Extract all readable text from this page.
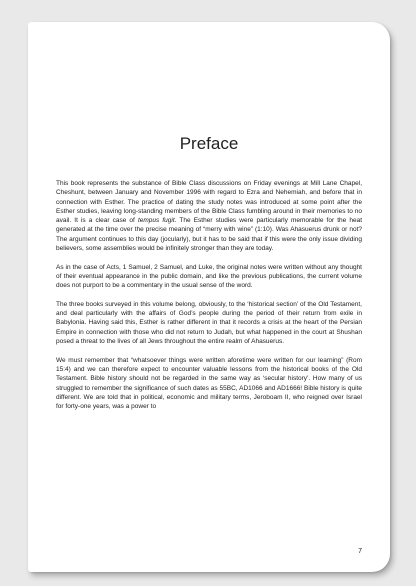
Preface

This book represents the substance of Bible Class discussions on Friday evenings at Mill Lane Chapel, Cheshunt, between January and November 1996 with regard to Ezra and Nehemiah, and before that in connection with Esther. The practice of dating the study notes was introduced at some point after the Esther studies, leaving long-standing members of the Bible Class fumbling around in their memories to no avail. It is a clear case of tempus fugit. The Esther studies were particularly memorable for the heat generated at the time over the precise meaning of “merry with wine” (1:10). Was Ahasuerus drunk or not? The argument continues to this day (jocularly), but it has to be said that if this were the only issue dividing believers, some assemblies would be infinitely stronger than they are today.

As in the case of Acts, 1 Samuel, 2 Samuel, and Luke, the original notes were written without any thought of their eventual appearance in the public domain, and like the previous publications, the current volume does not purport to be a commentary in the usual sense of the word.

The three books surveyed in this volume belong, obviously, to the ‘historical section’ of the Old Testament, and deal particularly with the affairs of God’s people during the period of their return from exile in Babylonia. Having said this, Esther is rather different in that it records a crisis at the heart of the Persian Empire in connection with those who did not return to Judah, but what happened in the court at Shushan posed a threat to the lives of all Jews throughout the entire realm of Ahasuerus.

We must remember that “whatsoever things were written aforetime were written for our learning” (Rom 15:4) and we can therefore expect to encounter valuable lessons from the historical books of the Old Testament. Bible history should not be regarded in the same way as ‘secular history’. How many of us struggled to remember the significance of such dates as 55BC, AD1066 and AD1666! Bible history is quite different. We are told that in political, economic and military terms, Jeroboam II, who reigned over Israel for forty-one years, was a power to

7
